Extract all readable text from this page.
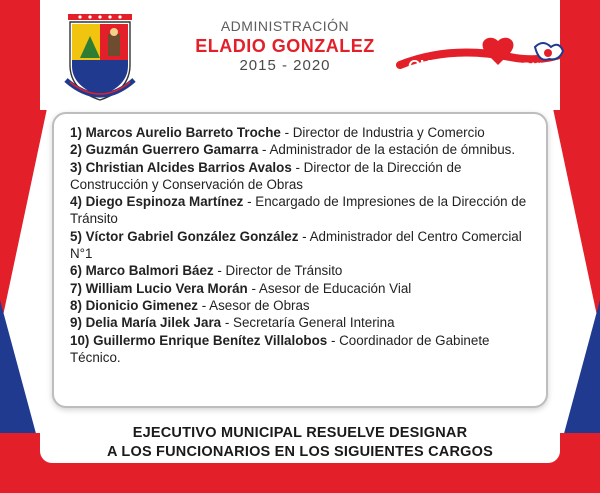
ADMINISTRACIÓN
ELADIO GONZALEZ
2015 - 2020	OVIEDO	DE MI
1) Marcos Aurelio Barreto Troche - Director de Industria y Comercio
2) Guzmán Guerrero Gamarra - Administrador de la estación de ómnibus.
3) Christian Alcides Barrios Avalos - Director de la Dirección de Construcción y Conservación de Obras
4) Diego Espinoza Martínez - Encargado de Impresiones de la Dirección de Tránsito
5) Víctor Gabriel González González - Administrador del Centro Comercial N°1
6) Marco Balmori Báez - Director de Tránsito
7) William Lucio Vera Morán - Asesor de Educación Vial
8) Dionicio Gimenez - Asesor de Obras
9) Delia María Jilek Jara - Secretaría General Interina
10) Guillermo Enrique Benítez Villalobos - Coordinador de Gabinete Técnico.
EJECUTIVO MUNICIPAL RESUELVE DESIGNAR
A LOS FUNCIONARIOS EN LOS SIGUIENTES CARGOS
